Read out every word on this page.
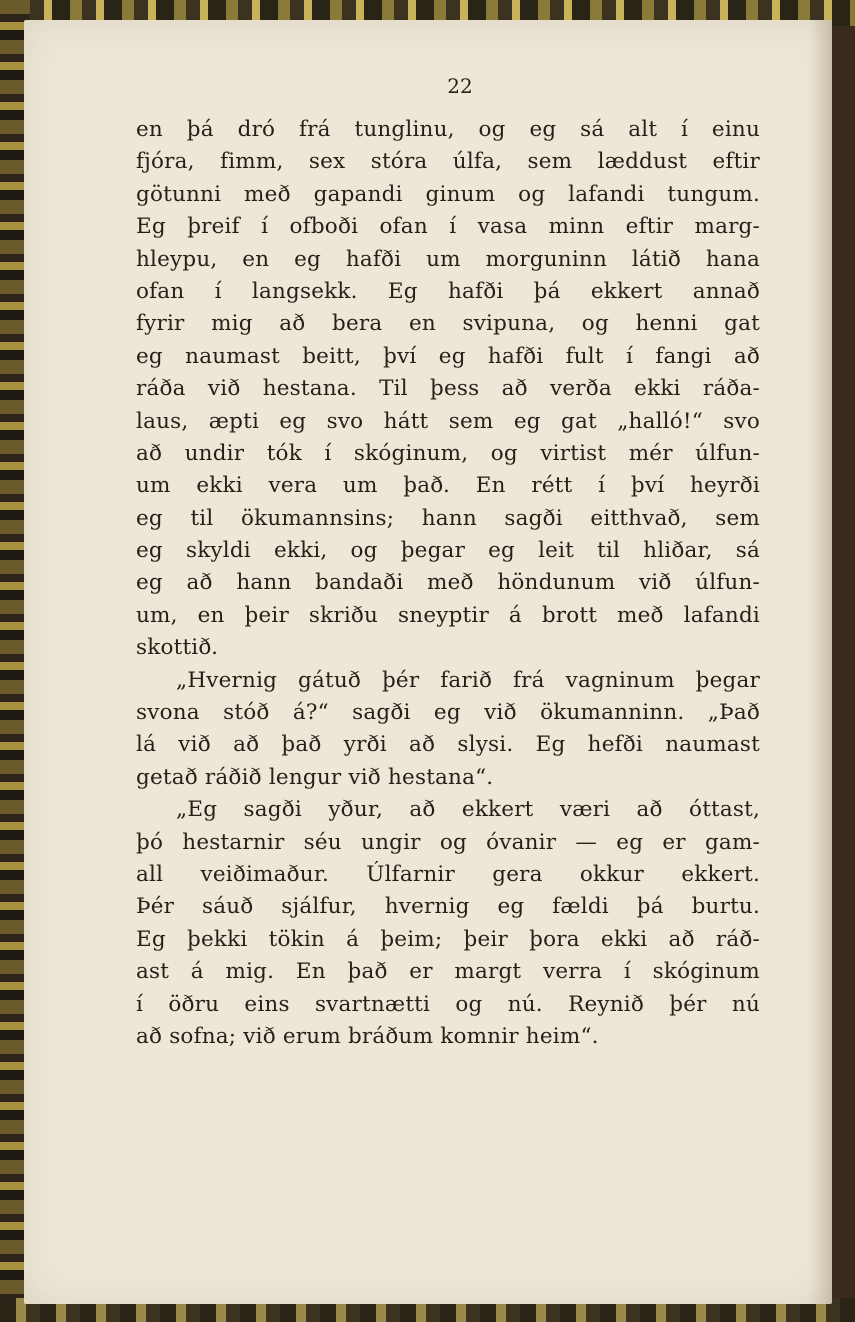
22
en þá dró frá tunglinu, og eg sá alt í einu
fjóra, fimm, sex stóra úlfa, sem læddust eftir
götunni með gapandi ginum og lafandi tungum.
Eg þreif í ofboði ofan í vasa minn eftir marg-
hleypu, en eg hafði um morguninn látið hana
ofan í langsekk. Eg hafði þá ekkert annað
fyrir mig að bera en svipuna, og henni gat
eg naumast beitt, því eg hafði fult í fangi að
ráða við hestana. Til þess að verða ekki ráða-
laus, æpti eg svo hátt sem eg gat „halló!“ svo
að undir tók í skóginum, og virtist mér úlfun-
um ekki vera um það. En rétt í því heyrði
eg til ökumannsins; hann sagði eitthvað, sem
eg skyldi ekki, og þegar eg leit til hliðar, sá
eg að hann bandaði með höndunum við úlfun-
um, en þeir skriðu sneyptir á brott með lafandi
skottið.
„Hvernig gátuð þér farið frá vagninum þegar
svona stóð á?“ sagði eg við ökumanninn. „Það
lá við að það yrði að slysi. Eg hefði naumast
getað ráðið lengur við hestana“.
„Eg sagði yður, að ekkert væri að óttast,
þó hestarnir séu ungir og óvanir — eg er gam-
all veiðimaður. Úlfarnir gera okkur ekkert.
Þér sáuð sjálfur, hvernig eg fældi þá burtu.
Eg þekki tökin á þeim; þeir þora ekki að ráð-
ast á mig. En það er margt verra í skóginum
í öðru eins svartnætti og nú. Reynið þér nú
að sofna; við erum bráðum komnir heim“.
